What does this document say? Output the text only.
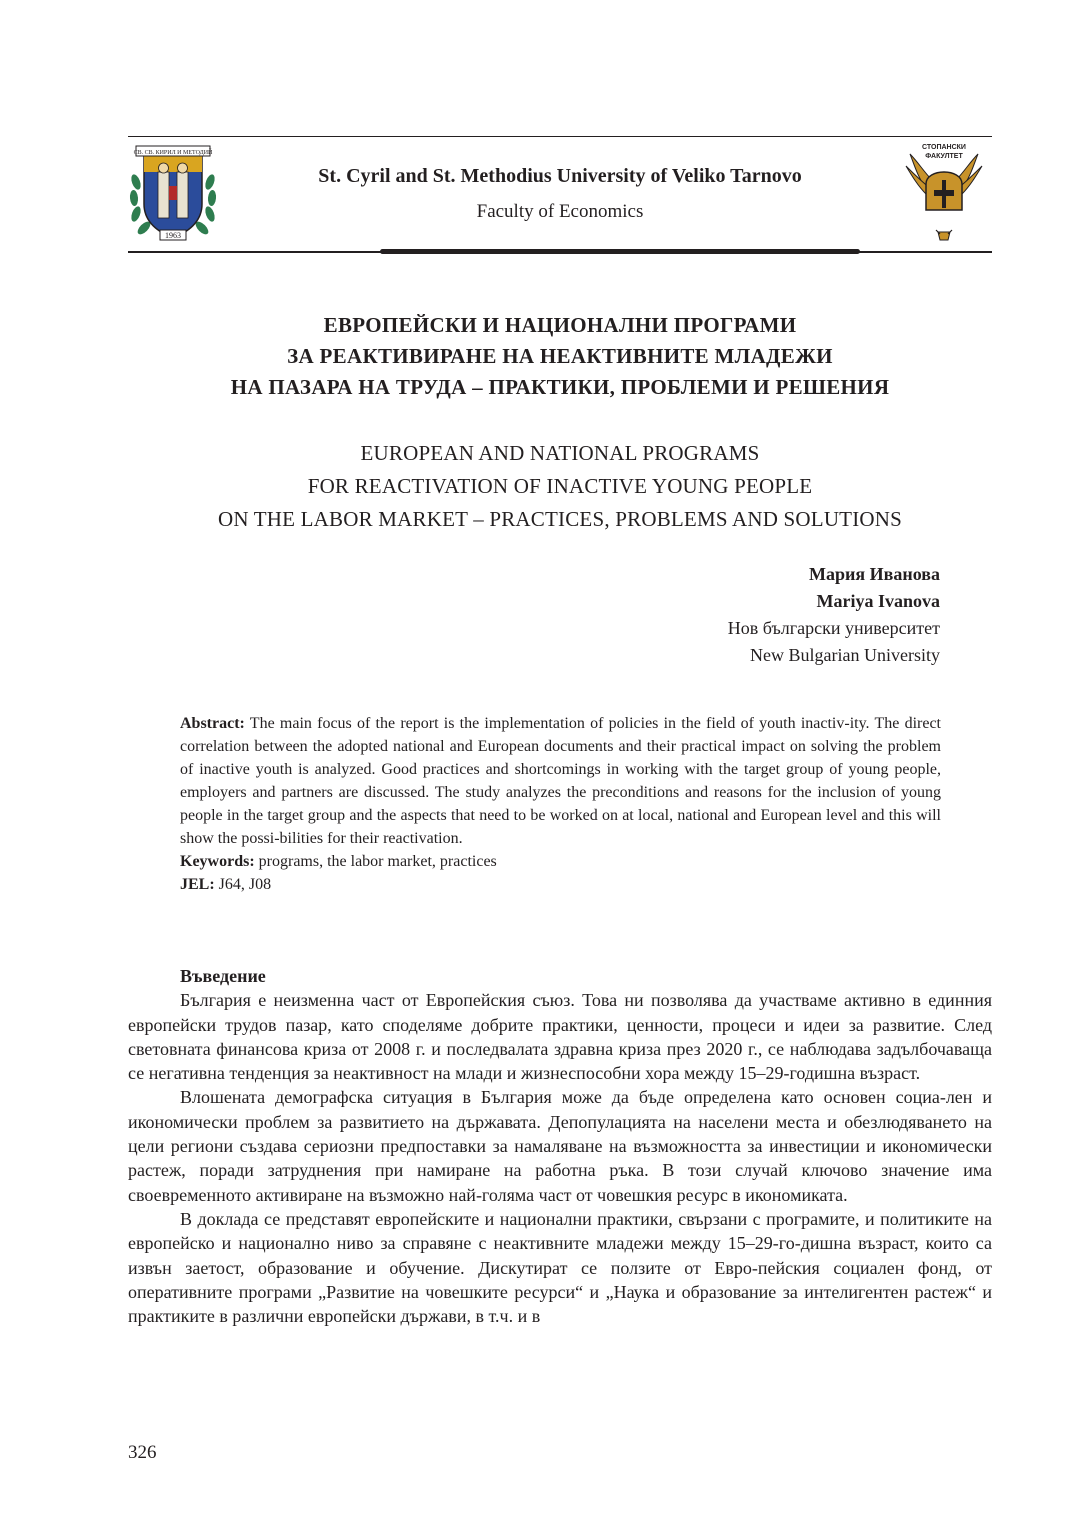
СВ. СВ. КИРИЛ И МЕТОДИЙ
1963
St. Cyril and St. Methodius University of Veliko Tarnovo
Faculty of Economics
СТОПАНСКИ
ФАКУЛТЕТ
ЕВРОПЕЙСКИ И НАЦИОНАЛНИ ПРОГРАМИ
ЗА РЕАКТИВИРАНЕ НА НЕАКТИВНИТЕ МЛАДЕЖИ
НА ПАЗАРА НА ТРУДА – ПРАКТИКИ, ПРОБЛЕМИ И РЕШЕНИЯ
EUROPEAN AND NATIONAL PROGRAMS
FOR REACTIVATION OF INACTIVE YOUNG PEOPLE
ON THE LABOR MARKET – PRACTICES, PROBLEMS AND SOLUTIONS
Мария Иванова
Mariya Ivanova
Нов български университет
New Bulgarian University

Abstract: The main focus of the report is the implementation of policies in the field of youth inactiv-ity. The direct correlation between the adopted national and European documents and their practical impact on solving the problem of inactive youth is analyzed. Good practices and shortcomings in working with the target group of young people, employers and partners are discussed. The study analyzes the preconditions and reasons for the inclusion of young people in the target group and the aspects that need to be worked on at local, national and European level and this will show the possi-bilities for their reactivation.

Keywords: programs, the labor market, practices

JEL: J64, J08

Въведение

България е неизменна част от Европейския съюз. Това ни позволява да участваме активно в единния европейски трудов пазар, като споделяме добрите практики, ценности, процеси и идеи за развитие. След световната финансова криза от 2008 г. и последвалата здравна криза през 2020 г., се наблюдава задълбочаваща се негативна тенденция за неактивност на млади и жизнеспособни хора между 15–29-годишна възраст.

Влошената демографска ситуация в България може да бъде определена като основен социа-лен и икономически проблем за развитието на държавата. Депопулацията на населени места и обезлюдяването на цели региони създава сериозни предпоставки за намаляване на възможността за инвестиции и икономически растеж, поради затруднения при намиране на работна ръка. В този случай ключово значение има своевременното активиране на възможно най-голяма част от човешкия ресурс в икономиката.

В доклада се представят европейските и национални практики, свързани с програмите, и политиките на европейско и национално ниво за справяне с неактивните младежи между 15–29-го-дишна възраст, които са извън заетост, образование и обучение. Дискутират се ползите от Евро-пейския социален фонд, от оперативните програми „Развитие на човешките ресурси“ и „Наука и образование за интелигентен растеж“ и практиките в различни европейски държави, в т.ч. и в

326
